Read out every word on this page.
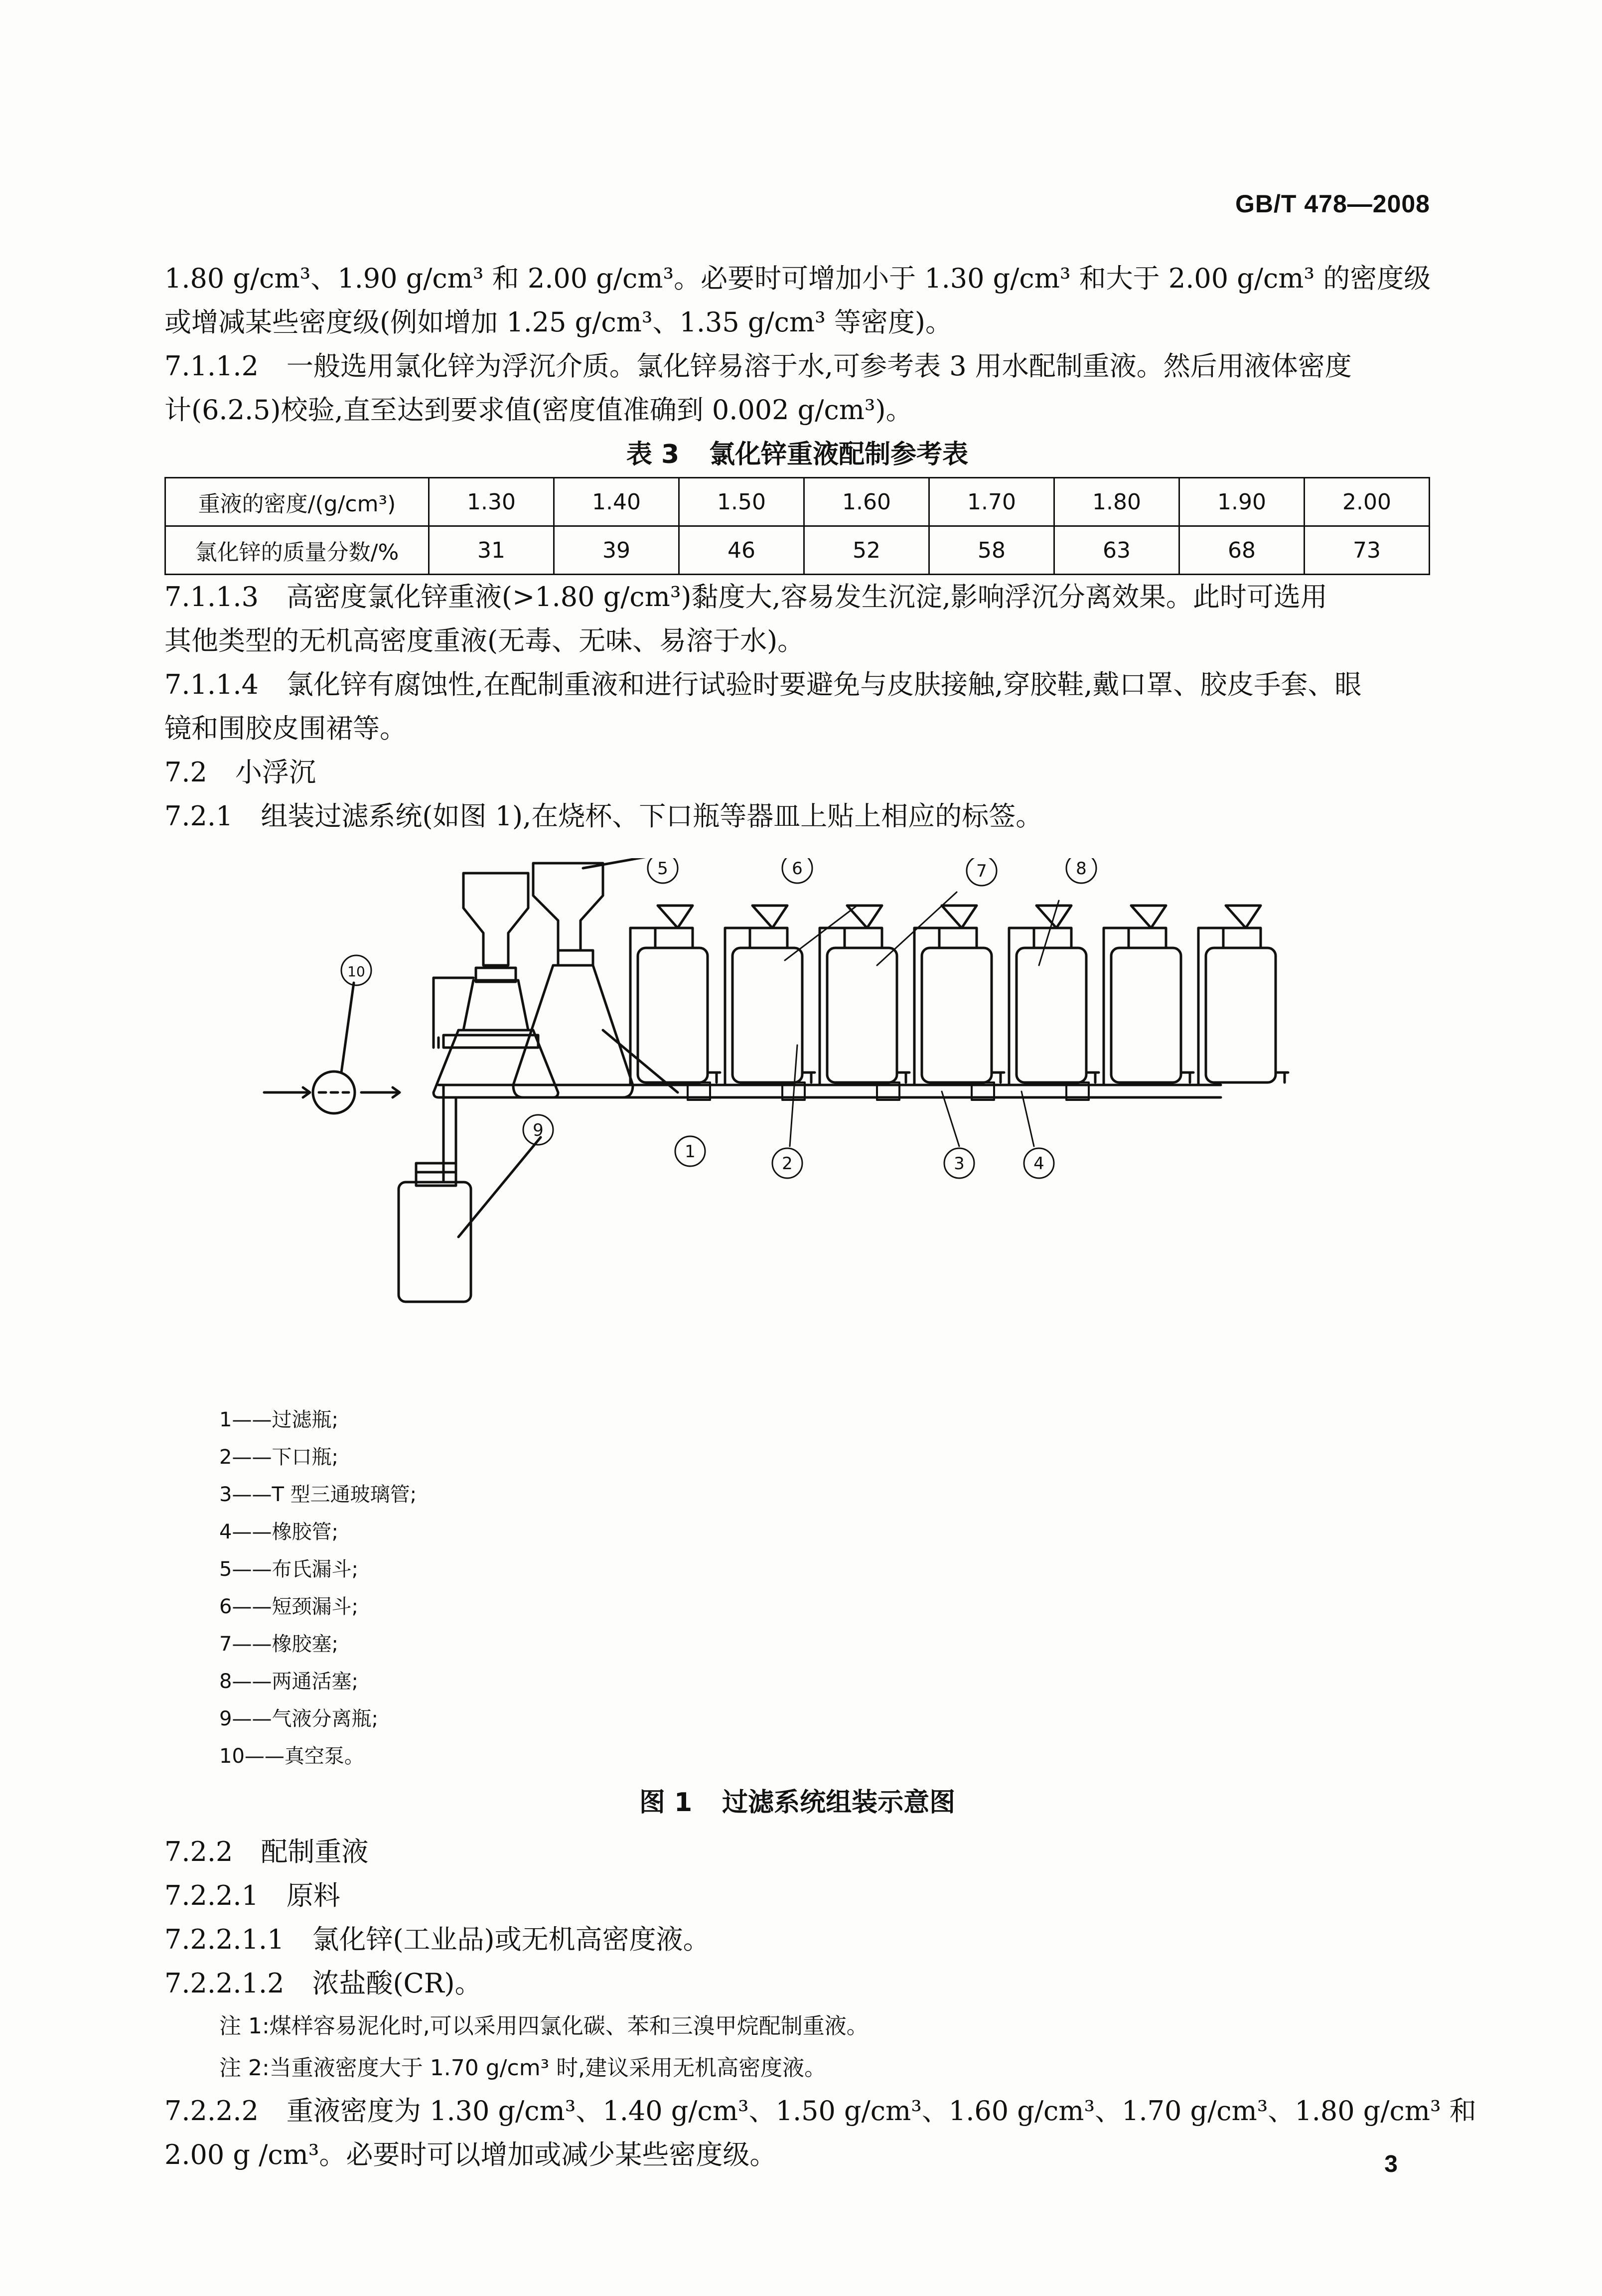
GB/T 478—2008

1.80 g/cm³、1.90 g/cm³ 和 2.00 g/cm³。必要时可增加小于 1.30 g/cm³ 和大于 2.00 g/cm³ 的密度级

或增减某些密度级(例如增加 1.25 g/cm³、1.35 g/cm³ 等密度)。

7.1.1.2 一般选用氯化锌为浮沉介质。氯化锌易溶于水,可参考表 3 用水配制重液。然后用液体密度

计(6.2.5)校验,直至达到要求值(密度值准确到 0.002 g/cm³)。

表 3 氯化锌重液配制参考表
重液的密度/(g/cm³)	1.30	1.40	1.50	1.60	1.70	1.80	1.90	2.00
氯化锌的质量分数/%	31	39	46	52	58	63	68	73

7.1.1.3 高密度氯化锌重液(>1.80 g/cm³)黏度大,容易发生沉淀,影响浮沉分离效果。此时可选用

其他类型的无机高密度重液(无毒、无味、易溶于水)。

7.1.1.4 氯化锌有腐蚀性,在配制重液和进行试验时要避免与皮肤接触,穿胶鞋,戴口罩、胶皮手套、眼

镜和围胶皮围裙等。

7.2 小浮沉

7.2.1 组装过滤系统(如图 1),在烧杯、下口瓶等器皿上贴上相应的标签。

1
2	3	4
5	6	7	8
9
10
1——过滤瓶;
2——下口瓶;
3——T 型三通玻璃管;
4——橡胶管;
5——布氏漏斗;
6——短颈漏斗;
7——橡胶塞;
8——两通活塞;
9——气液分离瓶;
10——真空泵。
图 1 过滤系统组装示意图

7.2.2 配制重液

7.2.2.1 原料

7.2.2.1.1 氯化锌(工业品)或无机高密度液。

7.2.2.1.2 浓盐酸(CR)。

注 1:煤样容易泥化时,可以采用四氯化碳、苯和三溴甲烷配制重液。
注 2:当重液密度大于 1.70 g/cm³ 时,建议采用无机高密度液。

7.2.2.2 重液密度为 1.30 g/cm³、1.40 g/cm³、1.50 g/cm³、1.60 g/cm³、1.70 g/cm³、1.80 g/cm³ 和

2.00 g /cm³。必要时可以增加或减少某些密度级。	3
